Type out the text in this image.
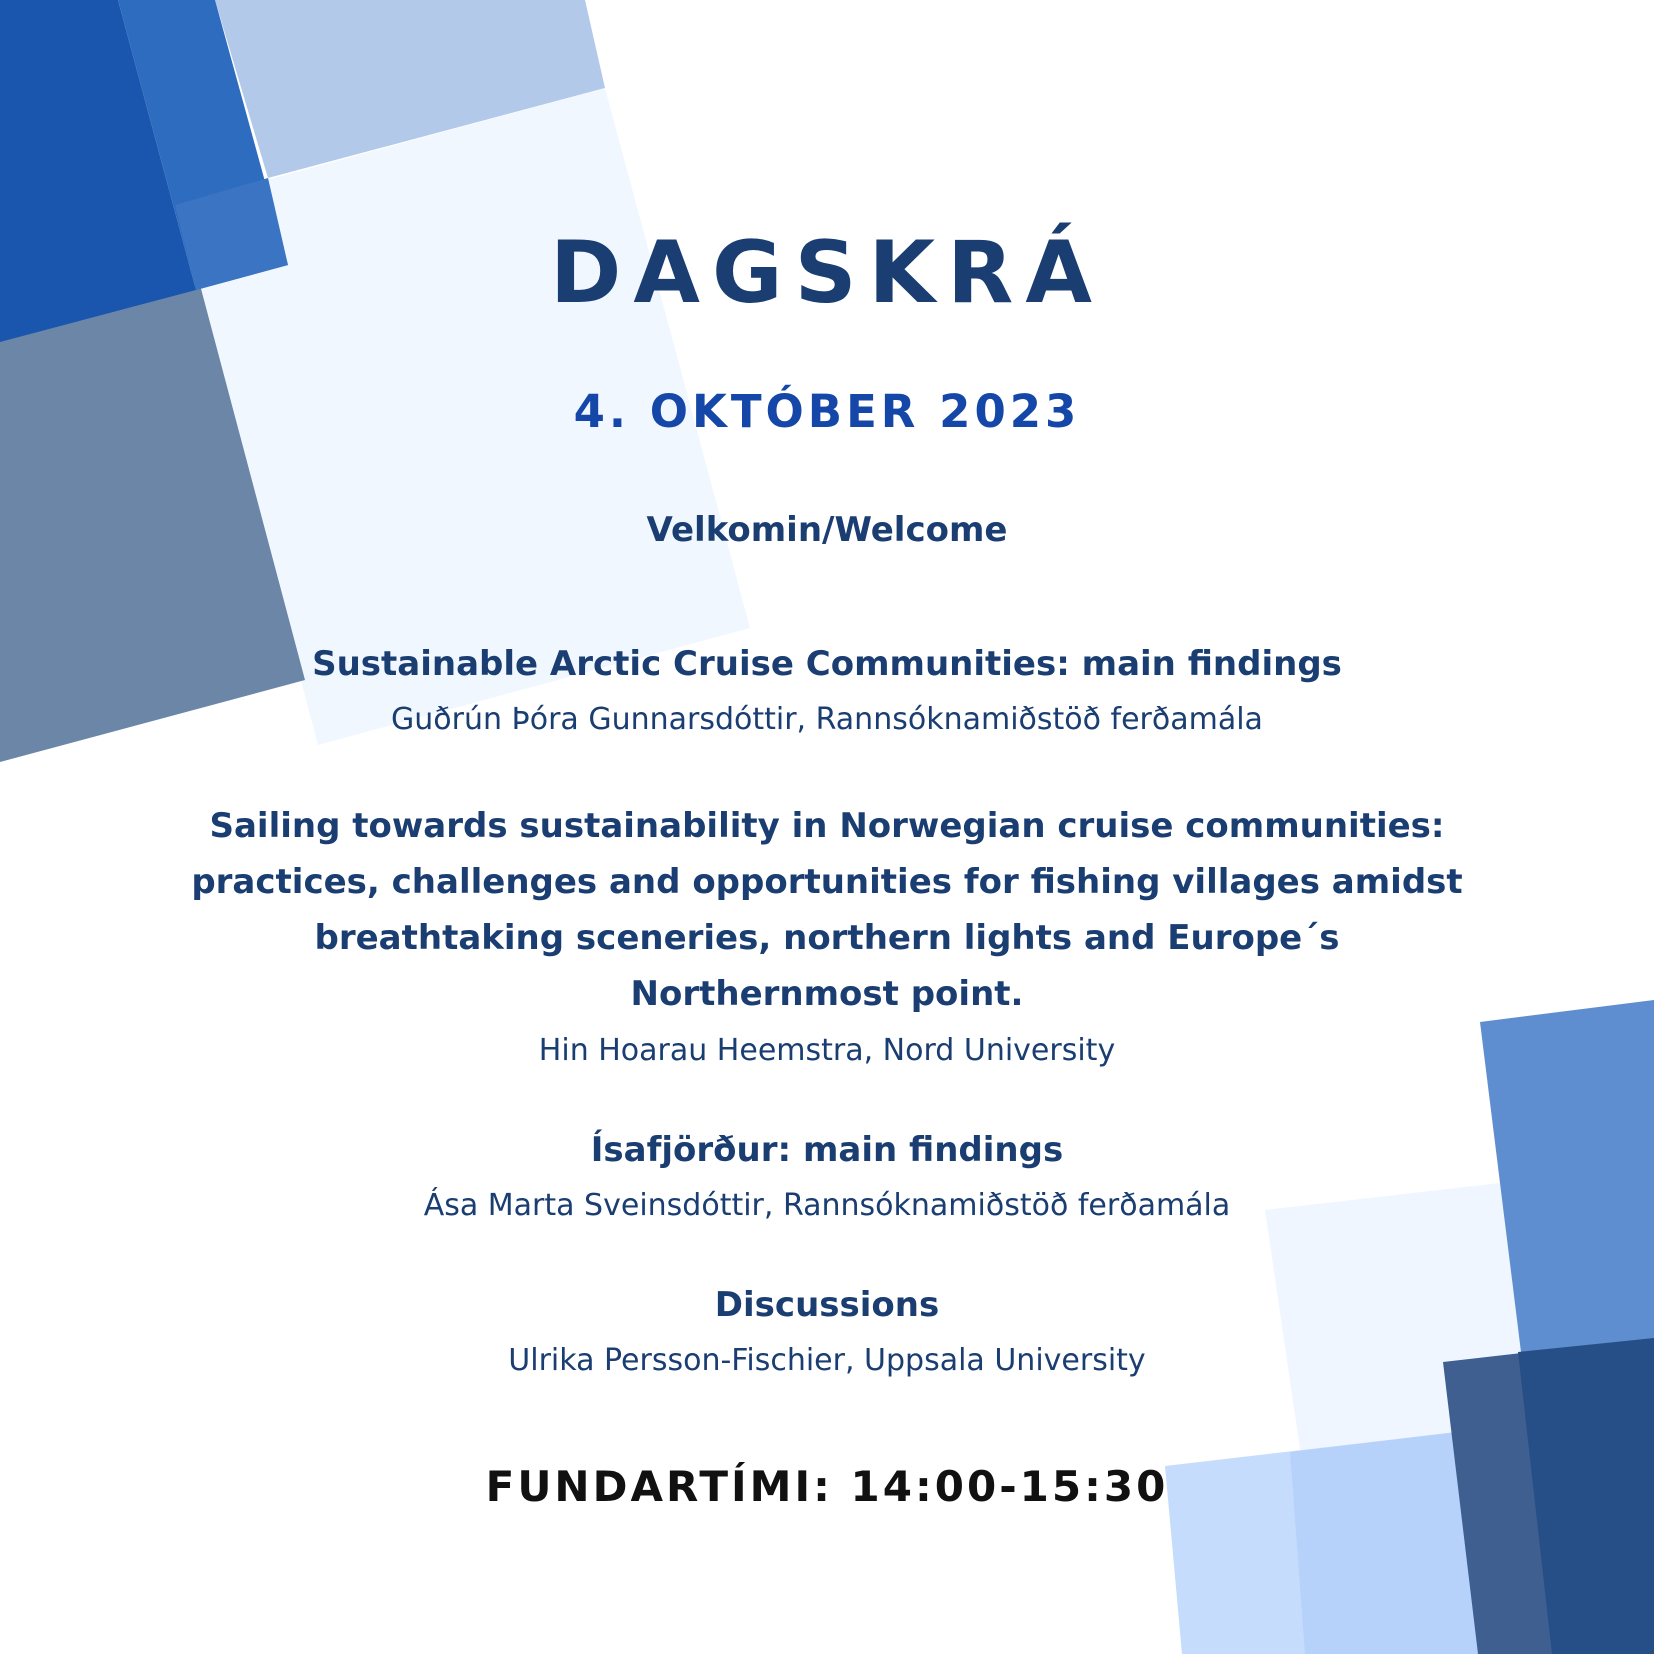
DAGSKRÁ
4. OKTÓBER 2023
Velkomin/Welcome
Sustainable Arctic Cruise Communities: main findings
Guðrún Þóra Gunnarsdóttir, Rannsóknamiðstöð ferðamála
Sailing towards sustainability in Norwegian cruise communities:
practices, challenges and opportunities for fishing villages amidst
breathtaking sceneries, northern lights and Europe´s
Northernmost point.
Hin Hoarau Heemstra, Nord University
Ísafjörður: main findings
Ása Marta Sveinsdóttir, Rannsóknamiðstöð ferðamála
Discussions
Ulrika Persson-Fischier, Uppsala University
FUNDARTÍMI: 14:00-15:30
